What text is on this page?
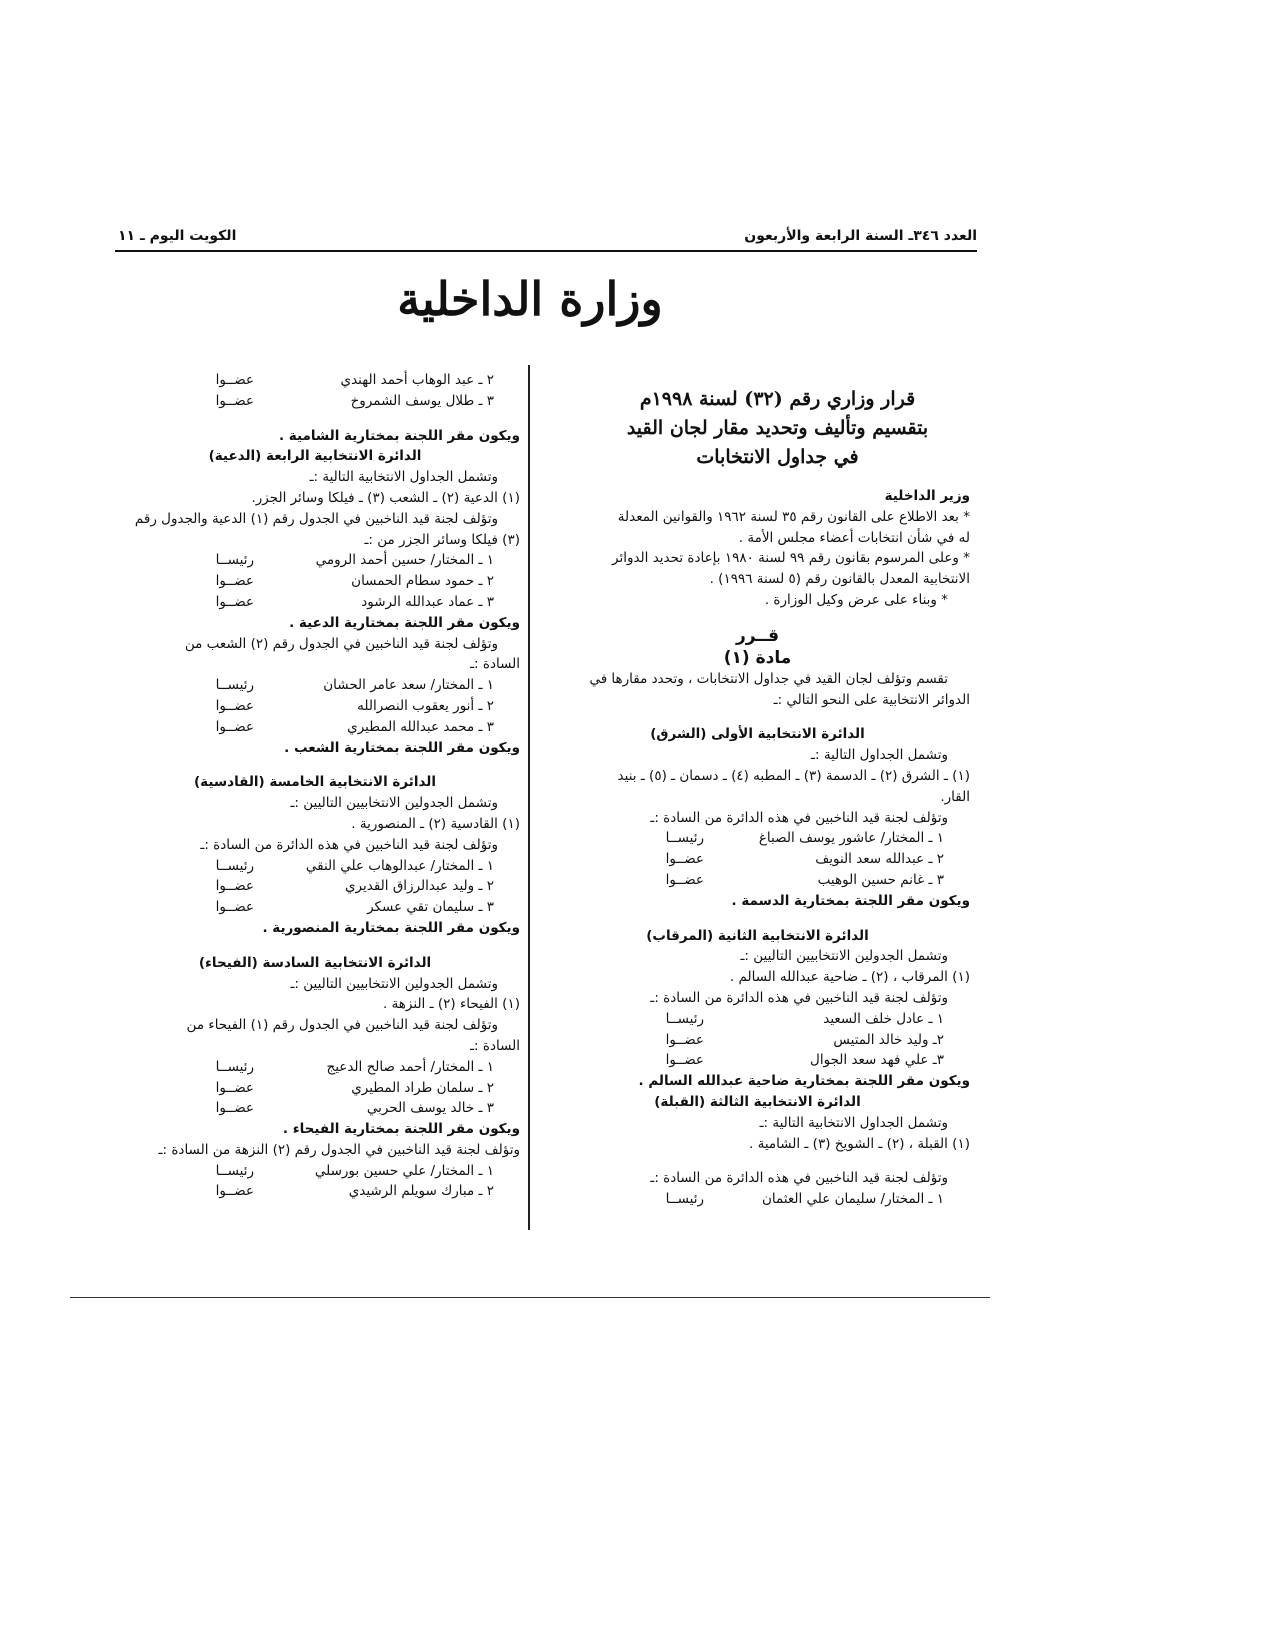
الكويت اليوم ـ ١١	العدد ٣٤٦ـ السنة الرابعة والأربعون
وزارة الداخلية
قرار وزاري رقم (٣٢) لسنة ١٩٩٨م
بتقسيم وتأليف وتحديد مقار لجان القيد
في جداول الانتخابات
وزير الداخلية
* بعد الاطلاع على القانون رقم ٣٥ لسنة ١٩٦٢ والقوانين المعدلة
له في شأن انتخابات أعضاء مجلس الأمة .
* وعلى المرسوم بقانون رقم ٩٩ لسنة ١٩٨٠ بإعادة تحديد الدوائر
الانتخابية المعدل بالقانون رقم (٥ لسنة ١٩٩٦) .
* وبناء على عرض وكيل الوزارة .
قــرر
مادة (١)
تقسم وتؤلف لجان القيد في جداول الانتخابات ، وتحدد مقارها في
الدوائر الانتخابية على النحو التالي :ـ
الدائرة الانتخابية الأولى (الشرق)
وتشمل الجداول التالية :ـ
(١) ـ الشرق (٢) ـ الدسمة (٣) ـ المطبه (٤) ـ دسمان ـ (٥) ـ بنيد
القار.
وتؤلف لجنة قيد الناخبين في هذه الدائرة من السادة :ـ
١ ـ المختار/ عاشور يوسف الصباغ
رئيســا
٢ ـ عبدالله سعد النويف
عضــوا
٣ ـ غانم حسين الوهيب
عضــوا
ويكون مقر اللجنة بمختارية الدسمة .
الدائرة الانتخابية الثانية (المرقاب)
وتشمل الجدولين الانتخابيين التاليين :ـ
(١) المرقاب ، (٢) ـ ضاحية عبدالله السالم .
وتؤلف لجنة قيد الناخبين في هذه الدائرة من السادة :ـ
١ ـ عادل خلف السعيد
رئيســا
٢ـ وليد خالد المتيس
عضــوا
٣ـ علي فهد سعد الجوال
عضــوا
ويكون مقر اللجنة بمختارية ضاحية عبدالله السالم .
الدائرة الانتخابية الثالثة (القبلة)
وتشمل الجداول الانتخابية التالية :ـ
(١) القبلة ، (٢) ـ الشويخ (٣) ـ الشامية .
وتؤلف لجنة قيد الناخبين في هذه الدائرة من السادة :ـ
١ ـ المختار/ سليمان علي العثمان
رئيســا
٢ ـ عبد الوهاب أحمد الهندي
عضــوا
٣ ـ طلال يوسف الشمروخ
عضــوا
ويكون مقر اللجنة بمختارية الشامية .
الدائرة الانتخابية الرابعة (الدعية)
وتشمل الجداول الانتخابية التالية :ـ
(١) الدعية (٢) ـ الشعب (٣) ـ فيلكا وسائر الجزر.
وتؤلف لجنة قيد الناخبين في الجدول رقم (١) الدعية والجدول رقم
(٣) فيلكا وسائر الجزر من :ـ
١ ـ المختار/ حسين أحمد الرومي
رئيســا
٢ ـ حمود سطام الحمسان
عضــوا
٣ ـ عماد عبدالله الرشود
عضــوا
ويكون مقر اللجنة بمختارية الدعية .
وتؤلف لجنة قيد الناخبين في الجدول رقم (٢) الشعب من
السادة :ـ
١ ـ المختار/ سعد عامر الحشان
رئيســا
٢ ـ أنور يعقوب النصرالله
عضــوا
٣ ـ محمد عبدالله المطيري
عضــوا
ويكون مقر اللجنة بمختارية الشعب .
الدائرة الانتخابية الخامسة (القادسية)
وتشمل الجدولين الانتخابيين التاليين :ـ
(١) القادسية (٢) ـ المنصورية .
وتؤلف لجنة قيد الناخبين في هذه الدائرة من السادة :ـ
١ ـ المختار/ عبدالوهاب علي النقي
رئيســا
٢ ـ وليد عبدالرزاق القديري
عضــوا
٣ ـ سليمان تقي عسكر
عضــوا
ويكون مقر اللجنة بمختارية المنصورية .
الدائرة الانتخابية السادسة (الفيحاء)
وتشمل الجدولين الانتخابيين التاليين :ـ
(١) الفيحاء (٢) ـ النزهة .
وتؤلف لجنة قيد الناخبين في الجدول رقم (١) الفيحاء من
السادة :ـ
١ ـ المختار/ أحمد صالح الدعيج
رئيســا
٢ ـ سلمان طراد المطيري
عضــوا
٣ ـ خالد يوسف الحربي
عضــوا
ويكون مقر اللجنة بمختارية الفيحاء .
وتؤلف لجنة قيد الناخبين في الجدول رقم (٢) النزهة من السادة :ـ
١ ـ المختار/ علي حسين بورسلي
رئيســا
٢ ـ مبارك سويلم الرشيدي
عضــوا
